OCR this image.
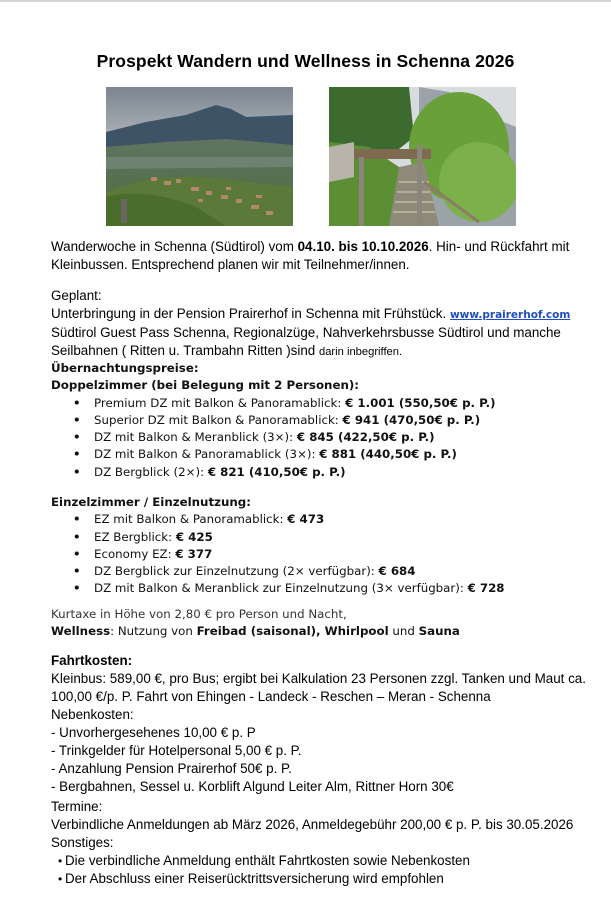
Prospekt Wandern und Wellness in Schenna 2026
Wanderwoche in Schenna (Südtirol) vom 04.10. bis 10.10.2026. Hin- und Rückfahrt mit
Kleinbussen. Entsprechend planen wir mit Teilnehmer/innen.
Geplant:
Unterbringung in der Pension Prairerhof in Schenna mit Frühstück. www.prairerhof.com
Südtirol Guest Pass Schenna, Regionalzüge, Nahverkehrsbusse Südtirol und manche
Seilbahnen ( Ritten u. Trambahn Ritten )sind darin inbegriffen.
Übernachtungspreise:
Doppelzimmer (bei Belegung mit 2 Personen):
• Premium DZ mit Balkon & Panoramablick: € 1.001 (550,50€ p. P.)
• Superior DZ mit Balkon & Panoramablick: € 941 (470,50€ p. P.)
• DZ mit Balkon & Meranblick (3×): € 845 (422,50€ p. P.)
• DZ mit Balkon & Panoramablick (3×): € 881 (440,50€ p. P.)
• DZ Bergblick (2×): € 821 (410,50€ p. P.)
Einzelzimmer / Einzelnutzung:
• EZ mit Balkon & Panoramablick: € 473
• EZ Bergblick: € 425
• Economy EZ: € 377
• DZ Bergblick zur Einzelnutzung (2× verfügbar): € 684
• DZ mit Balkon & Meranblick zur Einzelnutzung (3× verfügbar): € 728
Kurtaxe in Höhe von 2,80 € pro Person und Nacht,
Wellness: Nutzung von Freibad (saisonal), Whirlpool und Sauna
Fahrtkosten:
Kleinbus: 589,00 €, pro Bus; ergibt bei Kalkulation 23 Personen zzgl. Tanken und Maut ca.
100,00 €/p. P. Fahrt von Ehingen - Landeck - Reschen – Meran - Schenna
Nebenkosten:
- Unvorhergesehenes 10,00 € p. P
- Trinkgelder für Hotelpersonal 5,00 € p. P.
- Anzahlung Pension Prairerhof 50€ p. P.
- Bergbahnen, Sessel u. Korblift Algund Leiter Alm, Rittner Horn 30€
Termine:
Verbindliche Anmeldungen ab März 2026, Anmeldegebühr 200,00 € p. P. bis 30.05.2026
Sonstiges:
• Die verbindliche Anmeldung enthält Fahrtkosten sowie Nebenkosten
• Der Abschluss einer Reiserücktrittsversicherung wird empfohlen
